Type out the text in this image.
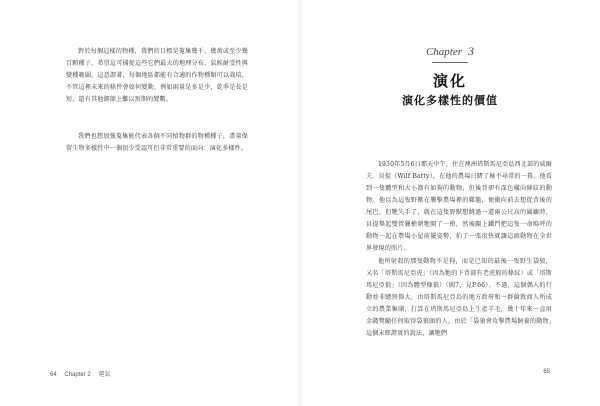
對於每個這樣的物種，我們的目標是蒐集幾千、幾萬或至少幾百顆種子，希望這可捕捉這些它們最大的地理分布、氣候耐受性與變種範圍。這意謂著，每個地區都能有合適的作物種類可以栽培，不管這裡未來的條件會如何變動，例如雨量是多是少，乾季是長是短，還有其他細節上難以預期的變數。

我們也想加強蒐集能代表各個不同植物群的物種種子，盡量保留生物多樣性中一個很少受認可但非常重要的面向：演化多樣性。

64 Chapter 2 運氣
Chapter 3
演化
演化多樣性的價值

1930年5月6日那天中午，住在澳洲塔斯馬尼亞島西北部的威爾夫．貝提（Wilf Batty），在他的農場日睹了極不尋常的一幕。他看到一隻體型和大小都有如狗的動物，但後背卻有深色橫向條紋的動物。他以為這隻野獸在襲擊農場裡的雞籠，便衝向前去想從背後的尾巴，但牠失手了，就在這隻野獸想跳過一道兩公尺高的圍籬時，貝提舉起雙管獵槍朝牠開了一槍，然後關上鐵門把這隻一命嗚呼的動物一起在農場小屋前擺姿勢，拍了一張很快就讓這頭動物在全世界發現的照片。

他所射殺的那隻動物不是狗，而是已知的最後一隻野生袋狼，又名「塔斯馬尼亞虎」（因為牠的下背部有老虎般的條紋）或「塔斯馬尼亞狼」（因為體型像狼）（圖7，見P.66）。不過，這個偶人的行動並非總無傷大，由塔斯馬尼亞島的地方政府和一群倫敦商人所成立的農業集團，打算在塔斯馬尼亞島上生產羊毛，幾十年來一直用金錢獎勵任何取得袋狼頭的人，由於「袋狼會攻擊農場飼養的動物」這個未經證實的說法，讓牠們

65
